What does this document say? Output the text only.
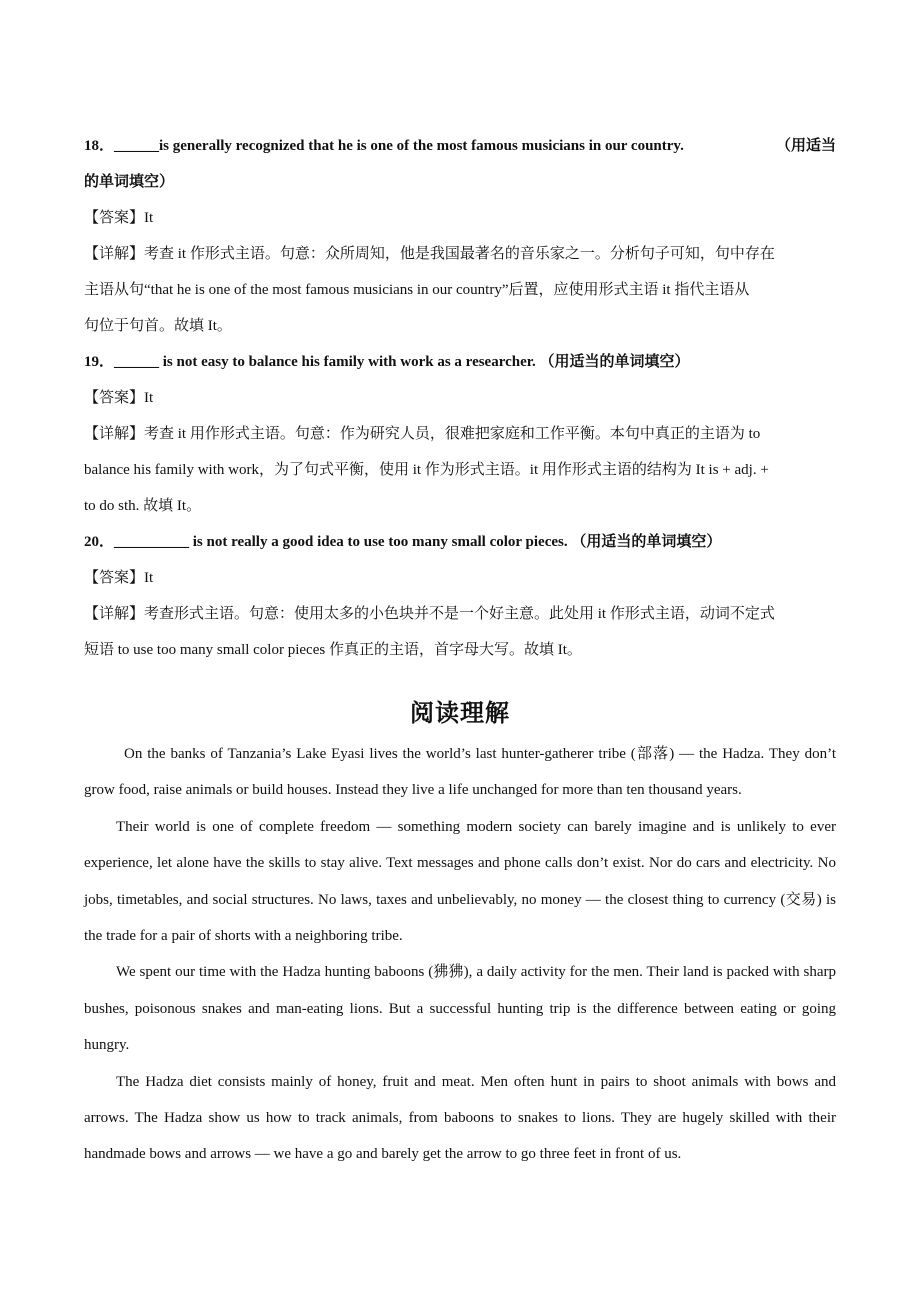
18．______is generally recognized that he is one of the most famous musicians in our country.	（用适当

的单词填空）

【答案】It

【详解】考查 it 作形式主语。句意：众所周知，他是我国最著名的音乐家之一。分析句子可知，句中存在

主语从句“that he is one of the most famous musicians in our country”后置，应使用形式主语 it 指代主语从

句位于句首。故填 It。

19．______ is not easy to balance his family with work as a researcher. （用适当的单词填空）

【答案】It

【详解】考查 it 用作形式主语。句意：作为研究人员，很难把家庭和工作平衡。本句中真正的主语为 to

balance his family with work，为了句式平衡，使用 it 作为形式主语。it 用作形式主语的结构为 It is + adj. +

to do sth. 故填 It。

20．__________ is not really a good idea to use too many small color pieces. （用适当的单词填空）

【答案】It

【详解】考查形式主语。句意：使用太多的小色块并不是一个好主意。此处用 it 作形式主语，动词不定式

短语 to use too many small color pieces 作真正的主语，首字母大写。故填 It。

阅读理解

On the banks of Tanzania’s Lake Eyasi lives the world’s last hunter-gatherer tribe (部落) — the Hadza. They don’t grow food, raise animals or build houses. Instead they live a life unchanged for more than ten thousand years.

Their world is one of complete freedom — something modern society can barely imagine and is unlikely to ever experience, let alone have the skills to stay alive. Text messages and phone calls don’t exist. Nor do cars and electricity. No jobs, timetables, and social structures. No laws, taxes and unbelievably, no money — the closest thing to currency (交易) is the trade for a pair of shorts with a neighboring tribe.

We spent our time with the Hadza hunting baboons (狒狒), a daily activity for the men. Their land is packed with sharp bushes, poisonous snakes and man-eating lions. But a successful hunting trip is the difference between eating or going hungry.

The Hadza diet consists mainly of honey, fruit and meat. Men often hunt in pairs to shoot animals with bows and arrows. The Hadza show us how to track animals, from baboons to snakes to lions. They are hugely skilled with their handmade bows and arrows — we have a go and barely get the arrow to go three feet in front of us.
